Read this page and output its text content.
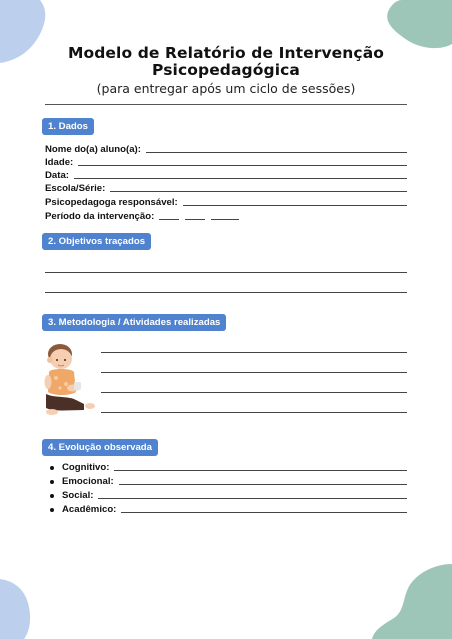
Modelo de Relatório de Intervenção
Psicopedagógica
(para entregar após um ciclo de sessões)
1. Dados
Nome do(a) aluno(a):
Idade:
Data:
Escola/Série:
Psicopedagoga responsável:
Período da intervenção:
2. Objetivos traçados
3. Metodologia / Atividades realizadas
4. Evolução observada
Cognitivo:
Emocional:
Social:
Acadêmico:
